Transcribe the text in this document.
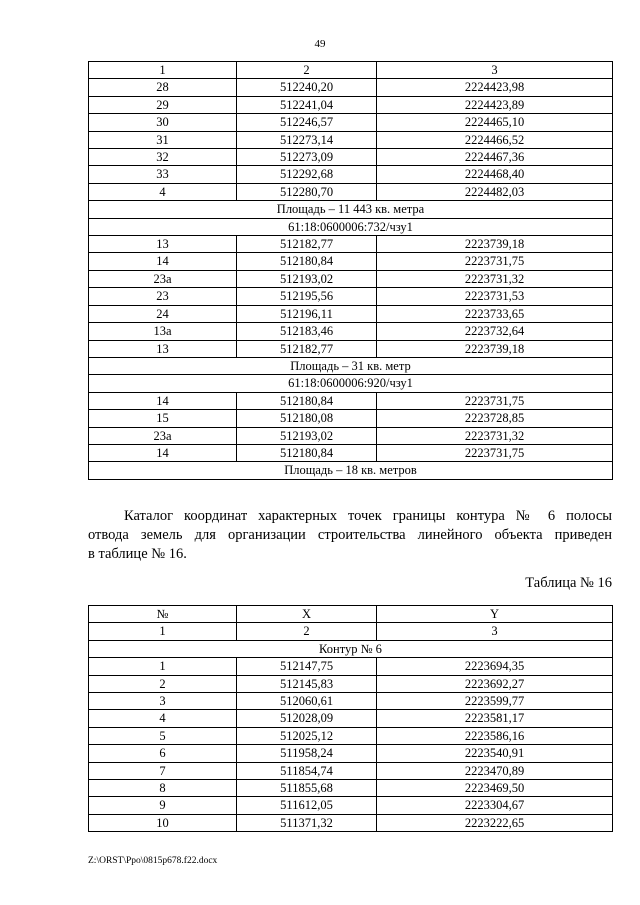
49
1	2	3
28	512240,20	2224423,98
29	512241,04	2224423,89
30	512246,57	2224465,10
31	512273,14	2224466,52
32	512273,09	2224467,36
33	512292,68	2224468,40
4	512280,70	2224482,03
Площадь – 11 443 кв. метра		
61:18:0600006:732/чзу1		
13	512182,77	2223739,18
14	512180,84	2223731,75
23а	512193,02	2223731,32
23	512195,56	2223731,53
24	512196,11	2223733,65
13а	512183,46	2223732,64
13	512182,77	2223739,18
Площадь – 31 кв. метр		
61:18:0600006:920/чзу1		
14	512180,84	2223731,75
15	512180,08	2223728,85
23а	512193,02	2223731,32
14	512180,84	2223731,75
Площадь – 18 кв. метров		

Каталог координат характерных точек границы контура № 6 полосы
отвода земель для организации строительства линейного объекта приведен
в таблице № 16.

Таблица № 16
№	X	Y
1	2	3
Контур № 6		
1	512147,75	2223694,35
2	512145,83	2223692,27
3	512060,61	2223599,77
4	512028,09	2223581,17
5	512025,12	2223586,16
6	511958,24	2223540,91
7	511854,74	2223470,89
8	511855,68	2223469,50
9	511612,05	2223304,67
10	511371,32	2223222,65
Z:\ORST\Ppo\0815p678.f22.docx
